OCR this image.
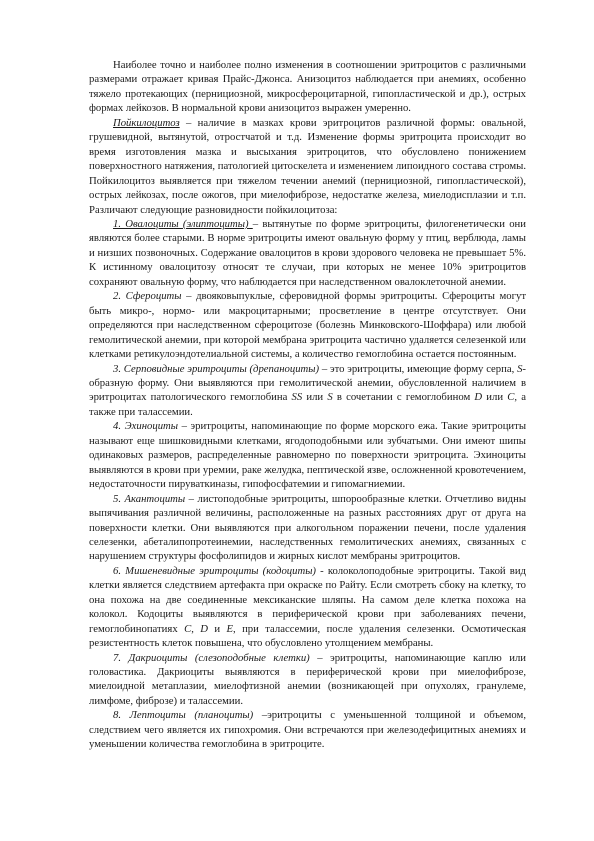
Наиболее точно и наиболее полно изменения в соотношении эритроцитов с различными размерами отражает кривая Прайс-Джонса. Анизоцитоз наблюдается при анемиях, особенно тяжело протекающих (пернициозной, микросфероцитарной, гипопластической и др.), острых формах лейкозов. В нормальной крови анизоцитоз выражен умеренно.

Пойкилоцитоз – наличие в мазках крови эритроцитов различной формы: овальной, грушевидной, вытянутой, отростчатой и т.д. Изменение формы эритроцита происходит во время изготовления мазка и высыхания эритроцитов, что обусловлено понижением поверхностного натяжения, патологией цитоскелета и изменением липоидного состава стромы. Пойкилоцитоз выявляется при тяжелом течении анемий (пернициозной, гипопластической), острых лейкозах, после ожогов, при миелофиброзе, недостатке железа, миелодисплазии и т.п. Различают следующие разновидности пойкилоцитоза:

1. Овалоциты (элиптоциты) – вытянутые по форме эритроциты, филогенетически они являются более старыми. В норме эритроциты имеют овальную форму у птиц, верблюда, ламы и низших позвоночных. Содержание овалоцитов в крови здорового человека не превышает 5%. К истинному овалоцитозу относят те случаи, при которых не менее 10% эритроцитов сохраняют овальную форму, что наблюдается при наследственном овалоклеточной анемии.

2. Сфероциты – двояковыпуклые, сферовидной формы эритроциты. Сфероциты могут быть микро-, нормо- или макроцитарными; просветление в центре отсутствует. Они определяются при наследственном сфероцитозе (болезнь Минковского-Шоффара) или любой гемолитической анемии, при которой мембрана эритроцита частично удаляется селезенкой или клетками ретикулоэндотелиальной системы, а количество гемоглобина остается постоянным.

3. Серповидные эритроциты (дрепаноциты) – это эритроциты, имеющие форму серпа, S-образную форму. Они выявляются при гемолитической анемии, обусловленной наличием в эритроцитах патологического гемоглобина SS или S в сочетании с гемоглобином D или C, а также при талассемии.

4. Эхиноциты – эритроциты, напоминающие по форме морского ежа. Такие эритроциты называют еще шишковидными клетками, ягодоподобными или зубчатыми. Они имеют шипы одинаковых размеров, распределенные равномерно по поверхности эритроцита. Эхиноциты выявляются в крови при уремии, раке желудка, пептической язве, осложненной кровотечением, недостаточности пируваткиназы, гипофосфатемии и гипомагниемии.

5. Акантоциты – листоподобные эритроциты, шпорообразные клетки. Отчетливо видны выпячивания различной величины, расположенные на разных расстояниях друг от друга на поверхности клетки. Они выявляются при алкогольном поражении печени, после удаления селезенки, абеталипопротеинемии, наследственных гемолитических анемиях, связанных с нарушением структуры фосфолипидов и жирных кислот мембраны эритроцитов.

6. Мишеневидные эритроциты (кодоциты) - колоколоподобные эритроциты. Такой вид клетки является следствием артефакта при окраске по Райту. Если смотреть сбоку на клетку, то она похожа на две соединенные мексиканские шляпы. На самом деле клетка похожа на колокол. Кодоциты выявляются в периферической крови при заболеваниях печени, гемоглобинопатиях C, D и E, при талассемии, после удаления селезенки. Осмотическая резистентность клеток повышена, что обусловлено утолщением мембраны.

7. Дакриоциты (слезоподобные клетки) – эритроциты, напоминающие каплю или головастика. Дакриоциты выявляются в периферической крови при миелофиброзе, миелоидной метаплазии, миелофтизной анемии (возникающей при опухолях, гранулеме, лимфоме, фиброзе) и талассемии.

8. Лептоциты (планоциты) –эритроциты с уменьшенной толщиной и объемом, следствием чего является их гипохромия. Они встречаются при железодефицитных анемиях и уменьшении количества гемоглобина в эритроците.
